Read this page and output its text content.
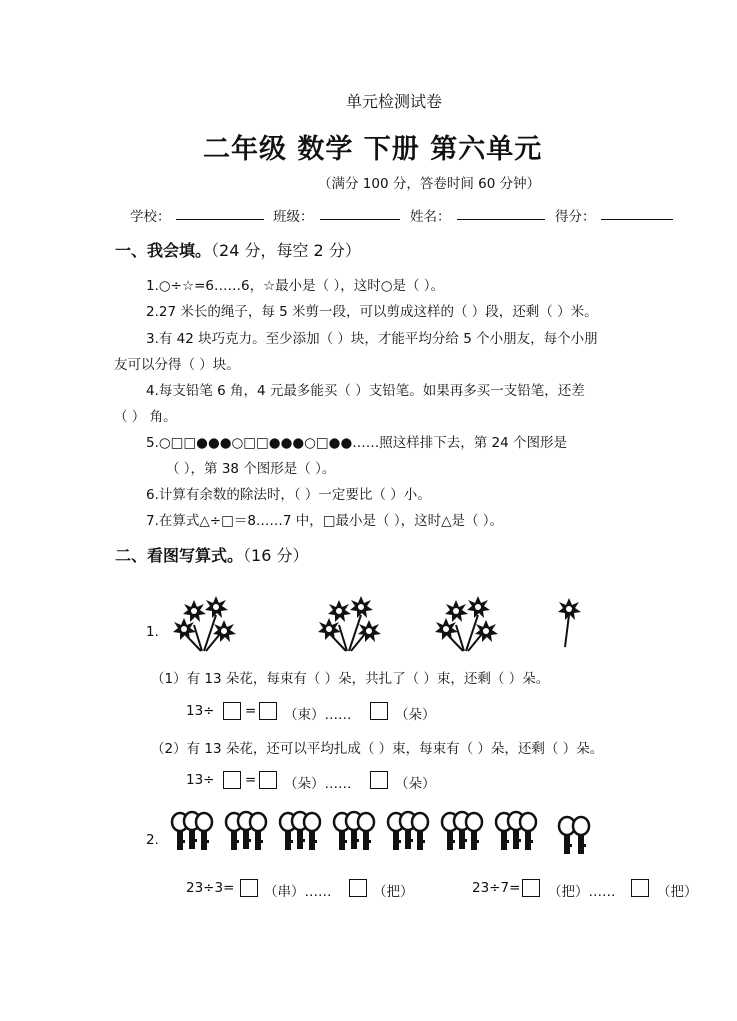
单元检测试卷
二年级 数学 下册 第六单元
（满分 100 分，答卷时间 60 分钟）
学校：	班级：	姓名：	得分：
一、我会填。（24 分，每空 2 分）
1.○÷☆=6……6，☆最小是（ ），这时○是（ ）。
2.27 米长的绳子，每 5 米剪一段，可以剪成这样的（ ）段，还剩（ ）米。
3.有 42 块巧克力。至少添加（ ）块，才能平均分给 5 个小朋友，每个小朋
友可以分得（ ）块。
4.每支铅笔 6 角，4 元最多能买（ ）支铅笔。如果再多买一支铅笔，还差
（ ） 角。
5.○□□●●●○□□●●●○□●●……照这样排下去，第 24 个图形是
（ ），第 38 个图形是（ ）。
6.计算有余数的除法时，（ ）一定要比（ ）小。
7.在算式△÷□＝8……7 中，□最小是（ ），这时△是（ ）。
二、看图写算式。（16 分）
1.
（1）有 13 朵花，每束有（ ）朵，共扎了（ ）束，还剩（ ）朵。
13÷ = （束）……	（朵）
（2）有 13 朵花，还可以平均扎成（ ）束，每束有（ ）朵，还剩（ ）朵。
13÷ = （朵）……	（朵）
2.
23÷3= （串）……	（把）	23÷7= （把）……	（把）
